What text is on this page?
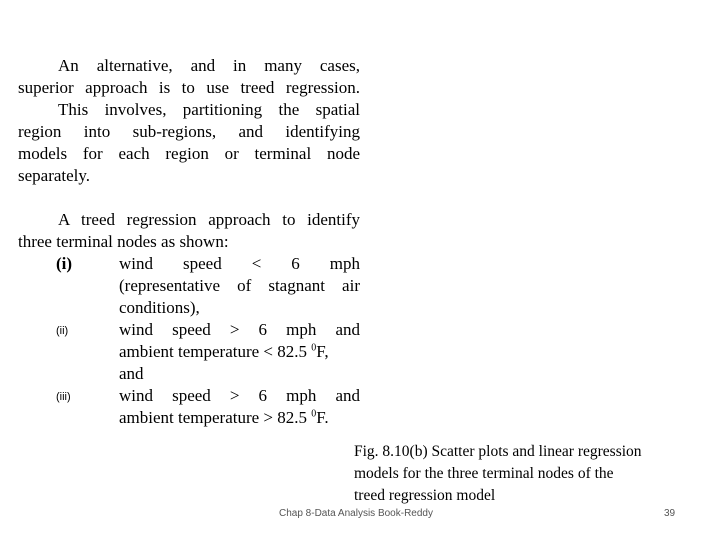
An alternative, and in many cases,
superior approach is to use treed regression.
This involves, partitioning the spatial
region into sub-regions, and identifying
models for each region or terminal node
separately.
A treed regression approach to identify
three terminal nodes as shown:
(i)	wind speed < 6 mph
(representative of stagnant air
conditions),
(ii)	wind speed > 6 mph and
ambient temperature < 82.5 $^0$F,
and
(iii)	wind speed > 6 mph and
ambient temperature > 82.5 $^0$F.
Fig. 8.10(b) Scatter plots and linear regression
models for the three terminal nodes of the
treed regression model
Chap 8-Data Analysis Book-Reddy	39
